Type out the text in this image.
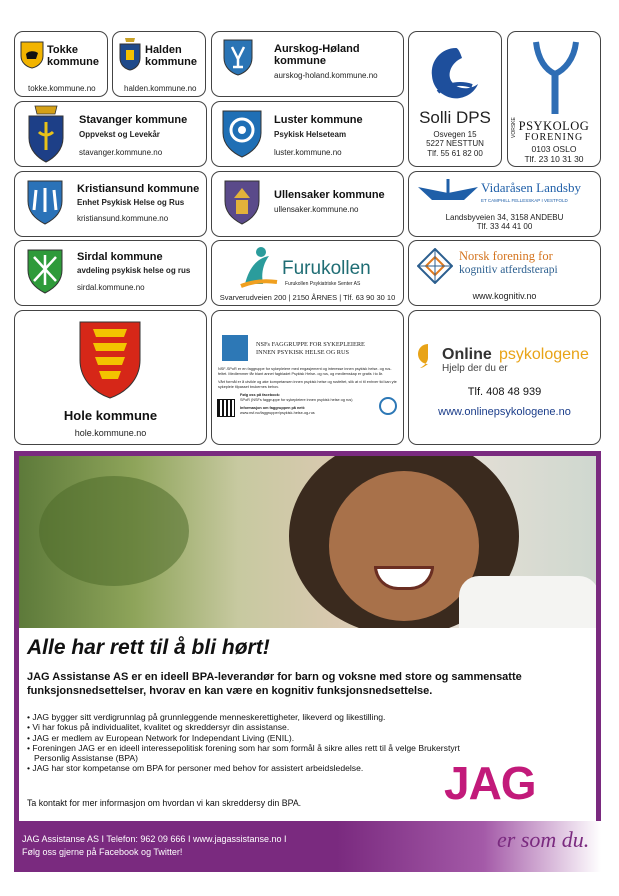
Tokke kommune
tokke.kommune.no
Halden kommune
halden.kommune.no
Aurskog-Høland kommune
aurskog-holand.kommune.no
Solli DPS
Osvegen 15
5227 NESTTUN
Tlf. 55 61 82 00
VORSKE PSYKOLOG
FORENING
0103 OSLO
Tlf. 23 10 31 30
Stavanger kommune
Oppvekst og Levekår
stavanger.kommune.no
Luster kommune
Psykisk Helseteam
luster.kommune.no
Kristiansund kommune
Enhet Psykisk Helse og Rus
kristiansund.kommune.no
Ullensaker kommune
ullensaker.kommune.no
Vidaråsen Landsby
ET CAMPHILL FELLESSKAP I VESTFOLD
Landsbyveien 34, 3158 ANDEBU
Tlf. 33 44 41 00
Sirdal kommune
avdeling psykisk helse og rus
sirdal.kommune.no
Furukollen
Furukollen Psykiatriske Senter AS
Svarverudveien 200 | 2150 ÅRNES | Tlf. 63 90 30 10
Norsk forening for
kognitiv atferdsterapi
www.kognitiv.no
Hole kommune
hole.kommune.no
NSFs FAGGRUPPE FOR SYKEPLEIERE
INNEN PSYKISK HELSE OG RUS
NSF-SPoR er en faggruppe for sykepleiere med engasjement og interesse innen psykisk helse- og rus-feltet. Medlemmer får blant annet fagbladet Psykisk Helse- og rus, og medlemskap er gratis i to år.
Vårt formål er å utvikle og øke kompetansen innen psykisk helse og rusfeltet, slik at vi til enhver tid kan yte sykepleie tilpasset brukernes behov.
Følg oss på facebook:
SPoR (NSFs faggruppe for sykepleiere innen psykisk helse og rus)
Informasjon om faggruppen på nett:
www.nsf.no/faggrupper/psykisk-helse-og-rus
Online psykologene
Hjelp der du er
Tlf. 408 48 939
www.onlinepsykologene.no
Alle har rett til å bli hørt!
JAG Assistanse AS er en ideell BPA-leverandør for barn og voksne med store og sammensatte funksjonsnedsettelser, hvorav en kan være en kognitiv funksjonsnedsettelse.
• JAG bygger sitt verdigrunnlag på grunnleggende menneskerettigheter, likeverd og likestilling.
• Vi har fokus på individualitet, kvalitet og skreddersyr din assistanse.
• JAG er medlem av European Network for Independant Living (ENIL).
• Foreningen JAG er en ideell interessepolitisk forening som har som formål å sikre alles rett til å velge Brukerstyrt Personlig Assistanse (BPA)
• JAG har stor kompetanse om BPA for personer med behov for assistert arbeidsledelse.
Ta kontakt for mer informasjon om hvordan vi kan skreddersy din BPA.	JAG
JAG Assistanse AS I Telefon: 962 09 666 I www.jagassistanse.no I
Følg oss gjerne på Facebook og Twitter!	er som du.
